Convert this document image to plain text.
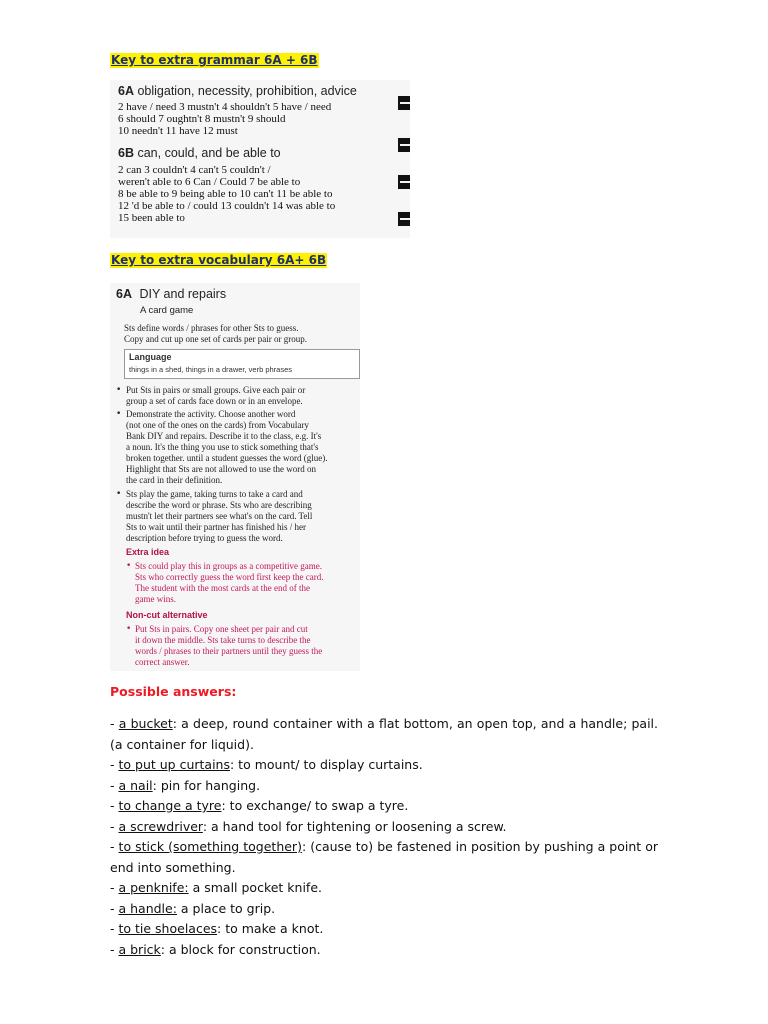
Key to extra grammar 6A + 6B
6A obligation, necessity, prohibition, advice
2 have / need 3 mustn't 4 shouldn't 5 have / need
6 should 7 oughtn't 8 mustn't 9 should
10 needn't 11 have 12 must
6B can, could, and be able to
2 can 3 couldn't 4 can't 5 couldn't /
weren't able to 6 Can / Could 7 be able to
8 be able to 9 being able to 10 can't 11 be able to
12 'd be able to / could 13 couldn't 14 was able to
15 been able to
Key to extra vocabulary 6A+ 6B
6A DIY and repairs
A card game
Sts define words / phrases for other Sts to guess.
Copy and cut up one set of cards per pair or group.
Language
things in a shed, things in a drawer, verb phrases
• Put Sts in pairs or small groups. Give each pair or
group a set of cards face down or in an envelope.
• Demonstrate the activity. Choose another word
(not one of the ones on the cards) from Vocabulary
Bank DIY and repairs. Describe it to the class, e.g. It's
a noun. It's the thing you use to stick something that's
broken together. until a student guesses the word (glue).
Highlight that Sts are not allowed to use the word on
the card in their definition.
• Sts play the game, taking turns to take a card and
describe the word or phrase. Sts who are describing
mustn't let their partners see what's on the card. Tell
Sts to wait until their partner has finished his / her
description before trying to guess the word.
Extra idea
• Sts could play this in groups as a competitive game.
Sts who correctly guess the word first keep the card.
The student with the most cards at the end of the
game wins.
Non-cut alternative
• Put Sts in pairs. Copy one sheet per pair and cut
it down the middle. Sts take turns to describe the
words / phrases to their partners until they guess the
correct answer.
Possible answers:

- a bucket: a deep, round container with a flat bottom, an open top, and a handle; pail. (a container for liquid).

- to put up curtains: to mount/ to display curtains.

- a nail: pin for hanging.

- to change a tyre: to exchange/ to swap a tyre.

- a screwdriver: a hand tool for tightening or loosening a screw.

- to stick (something together): (cause to) be fastened in position by pushing a point or end into something.

- a penknife: a small pocket knife.

- a handle: a place to grip.

- to tie shoelaces: to make a knot.

- a brick: a block for construction.
